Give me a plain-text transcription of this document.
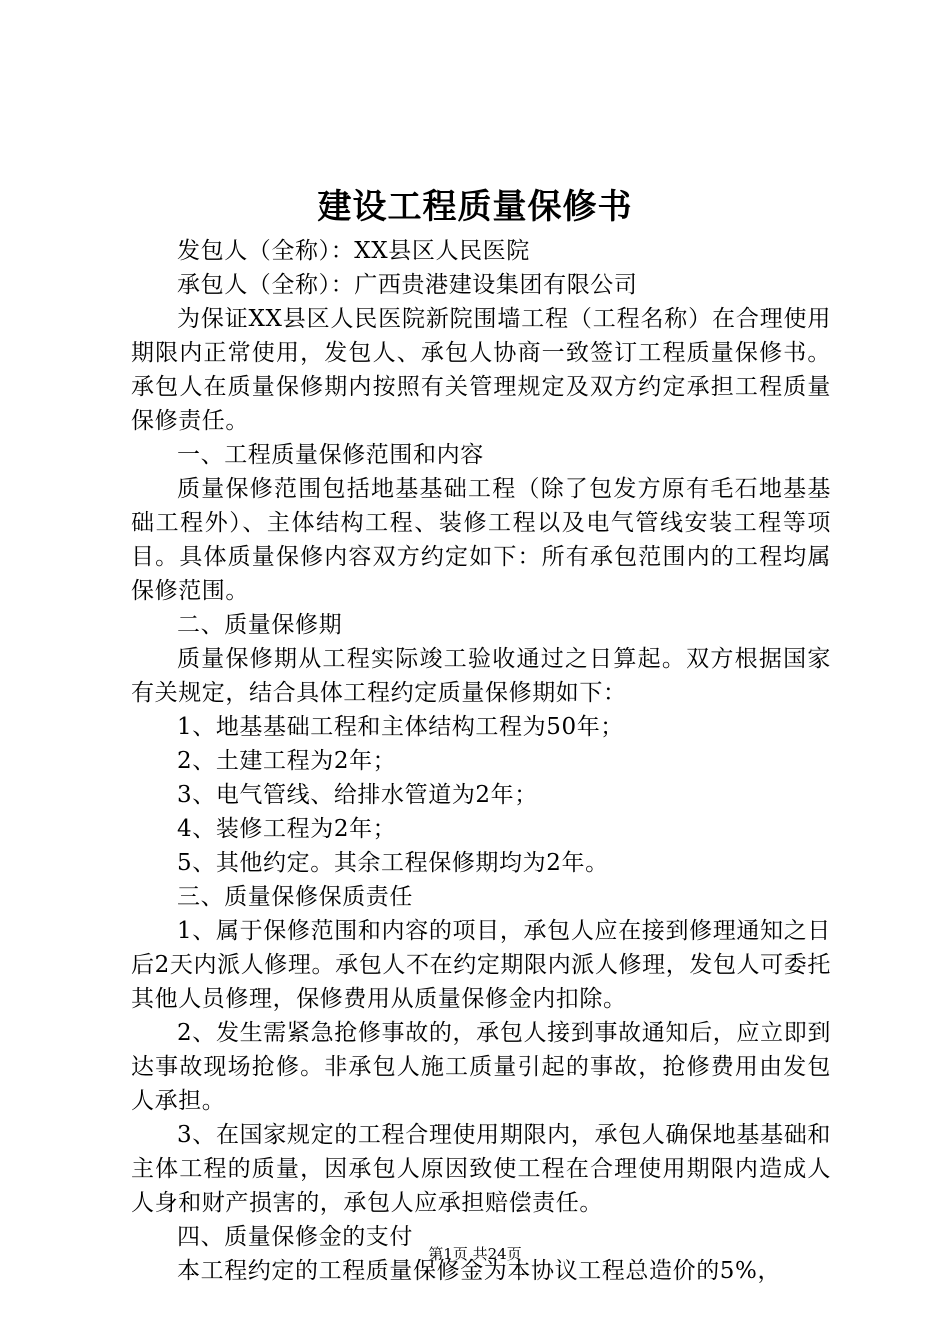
建设工程质量保修书

发包人（全称）：XX县区人民医院

承包人（全称）：广西贵港建设集团有限公司

为保证XX县区人民医院新院围墙工程（工程名称）在合理使用期限内正常使用，发包人、承包人协商一致签订工程质量保修书。承包人在质量保修期内按照有关管理规定及双方约定承担工程质量保修责任。

一、工程质量保修范围和内容

质量保修范围包括地基基础工程（除了包发方原有毛石地基基础工程外）、主体结构工程、装修工程以及电气管线安装工程等项目。具体质量保修内容双方约定如下：所有承包范围内的工程均属保修范围。

二、质量保修期

质量保修期从工程实际竣工验收通过之日算起。双方根据国家有关规定，结合具体工程约定质量保修期如下：

1、地基基础工程和主体结构工程为50年；

2、土建工程为2年；

3、电气管线、给排水管道为2年；

4、装修工程为2年；

5、其他约定。其余工程保修期均为2年。

三、质量保修保质责任

1、属于保修范围和内容的项目，承包人应在接到修理通知之日后2天内派人修理。承包人不在约定期限内派人修理，发包人可委托其他人员修理，保修费用从质量保修金内扣除。

2、发生需紧急抢修事故的，承包人接到事故通知后，应立即到达事故现场抢修。非承包人施工质量引起的事故，抢修费用由发包人承担。

3、在国家规定的工程合理使用期限内，承包人确保地基基础和主体工程的质量，因承包人原因致使工程在合理使用期限内造成人人身和财产损害的，承包人应承担赔偿责任。

四、质量保修金的支付

本工程约定的工程质量保修金为本协议工程总造价的5%，

第1页 共24页
